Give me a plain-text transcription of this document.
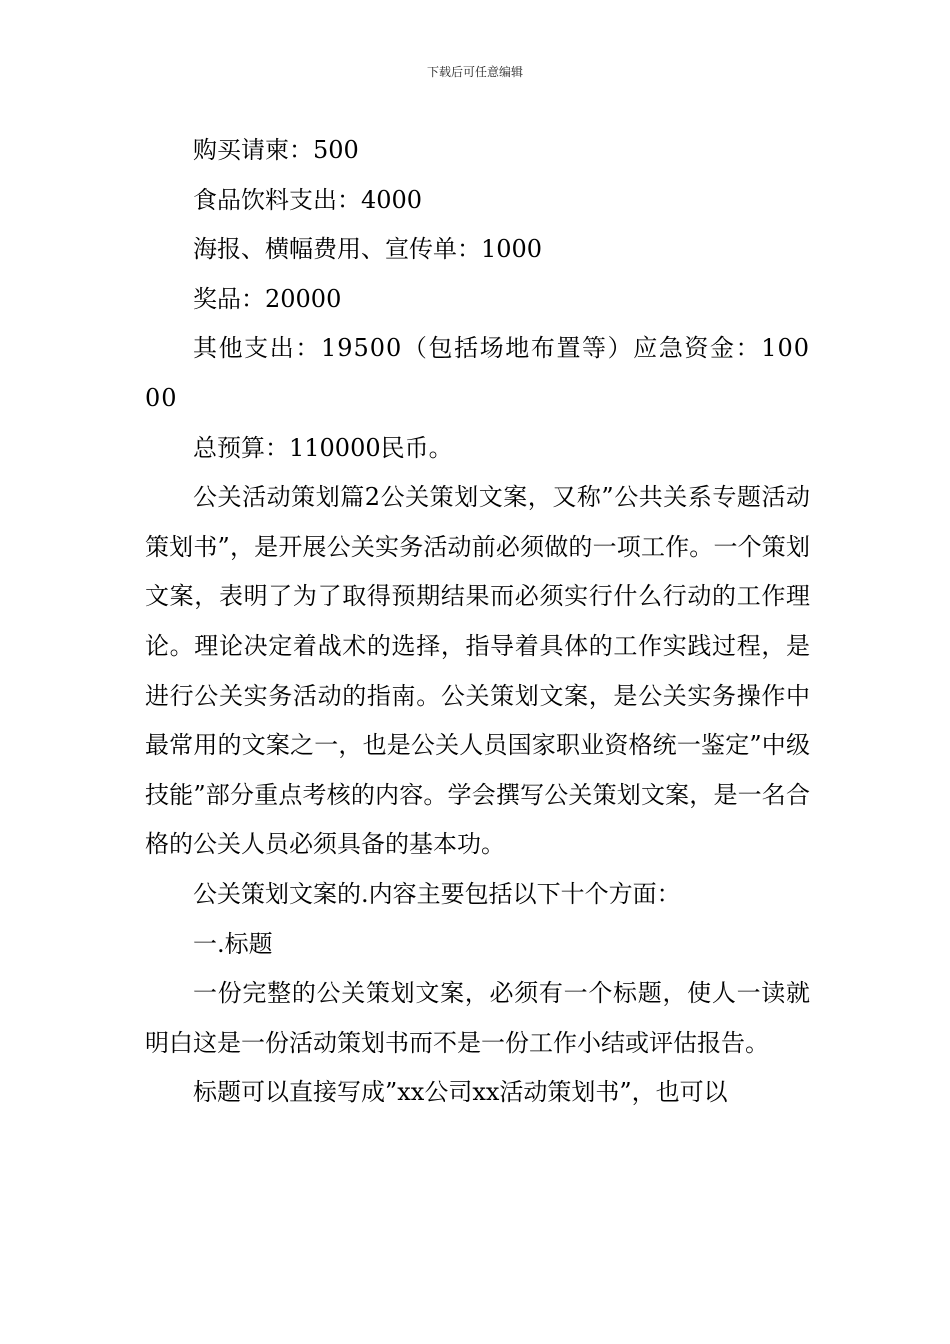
下载后可任意编辑

购买请柬：500

食品饮料支出：4000

海报、横幅费用、宣传单：1000

奖品：20000

其他支出：19500（包括场地布置等）应急资金：10000

总预算：110000民币。

公关活动策划篇2公关策划文案，又称”公共关系专题活动策划书”，是开展公关实务活动前必须做的一项工作。一个策划文案，表明了为了取得预期结果而必须实行什么行动的工作理论。理论决定着战术的选择，指导着具体的工作实践过程，是进行公关实务活动的指南。公关策划文案，是公关实务操作中最常用的文案之一，也是公关人员国家职业资格统一鉴定”中级技能”部分重点考核的内容。学会撰写公关策划文案，是一名合格的公关人员必须具备的基本功。

公关策划文案的.内容主要包括以下十个方面：

一.标题

一份完整的公关策划文案，必须有一个标题，使人一读就明白这是一份活动策划书而不是一份工作小结或评估报告。

标题可以直接写成”xx公司xx活动策划书”，也可以
